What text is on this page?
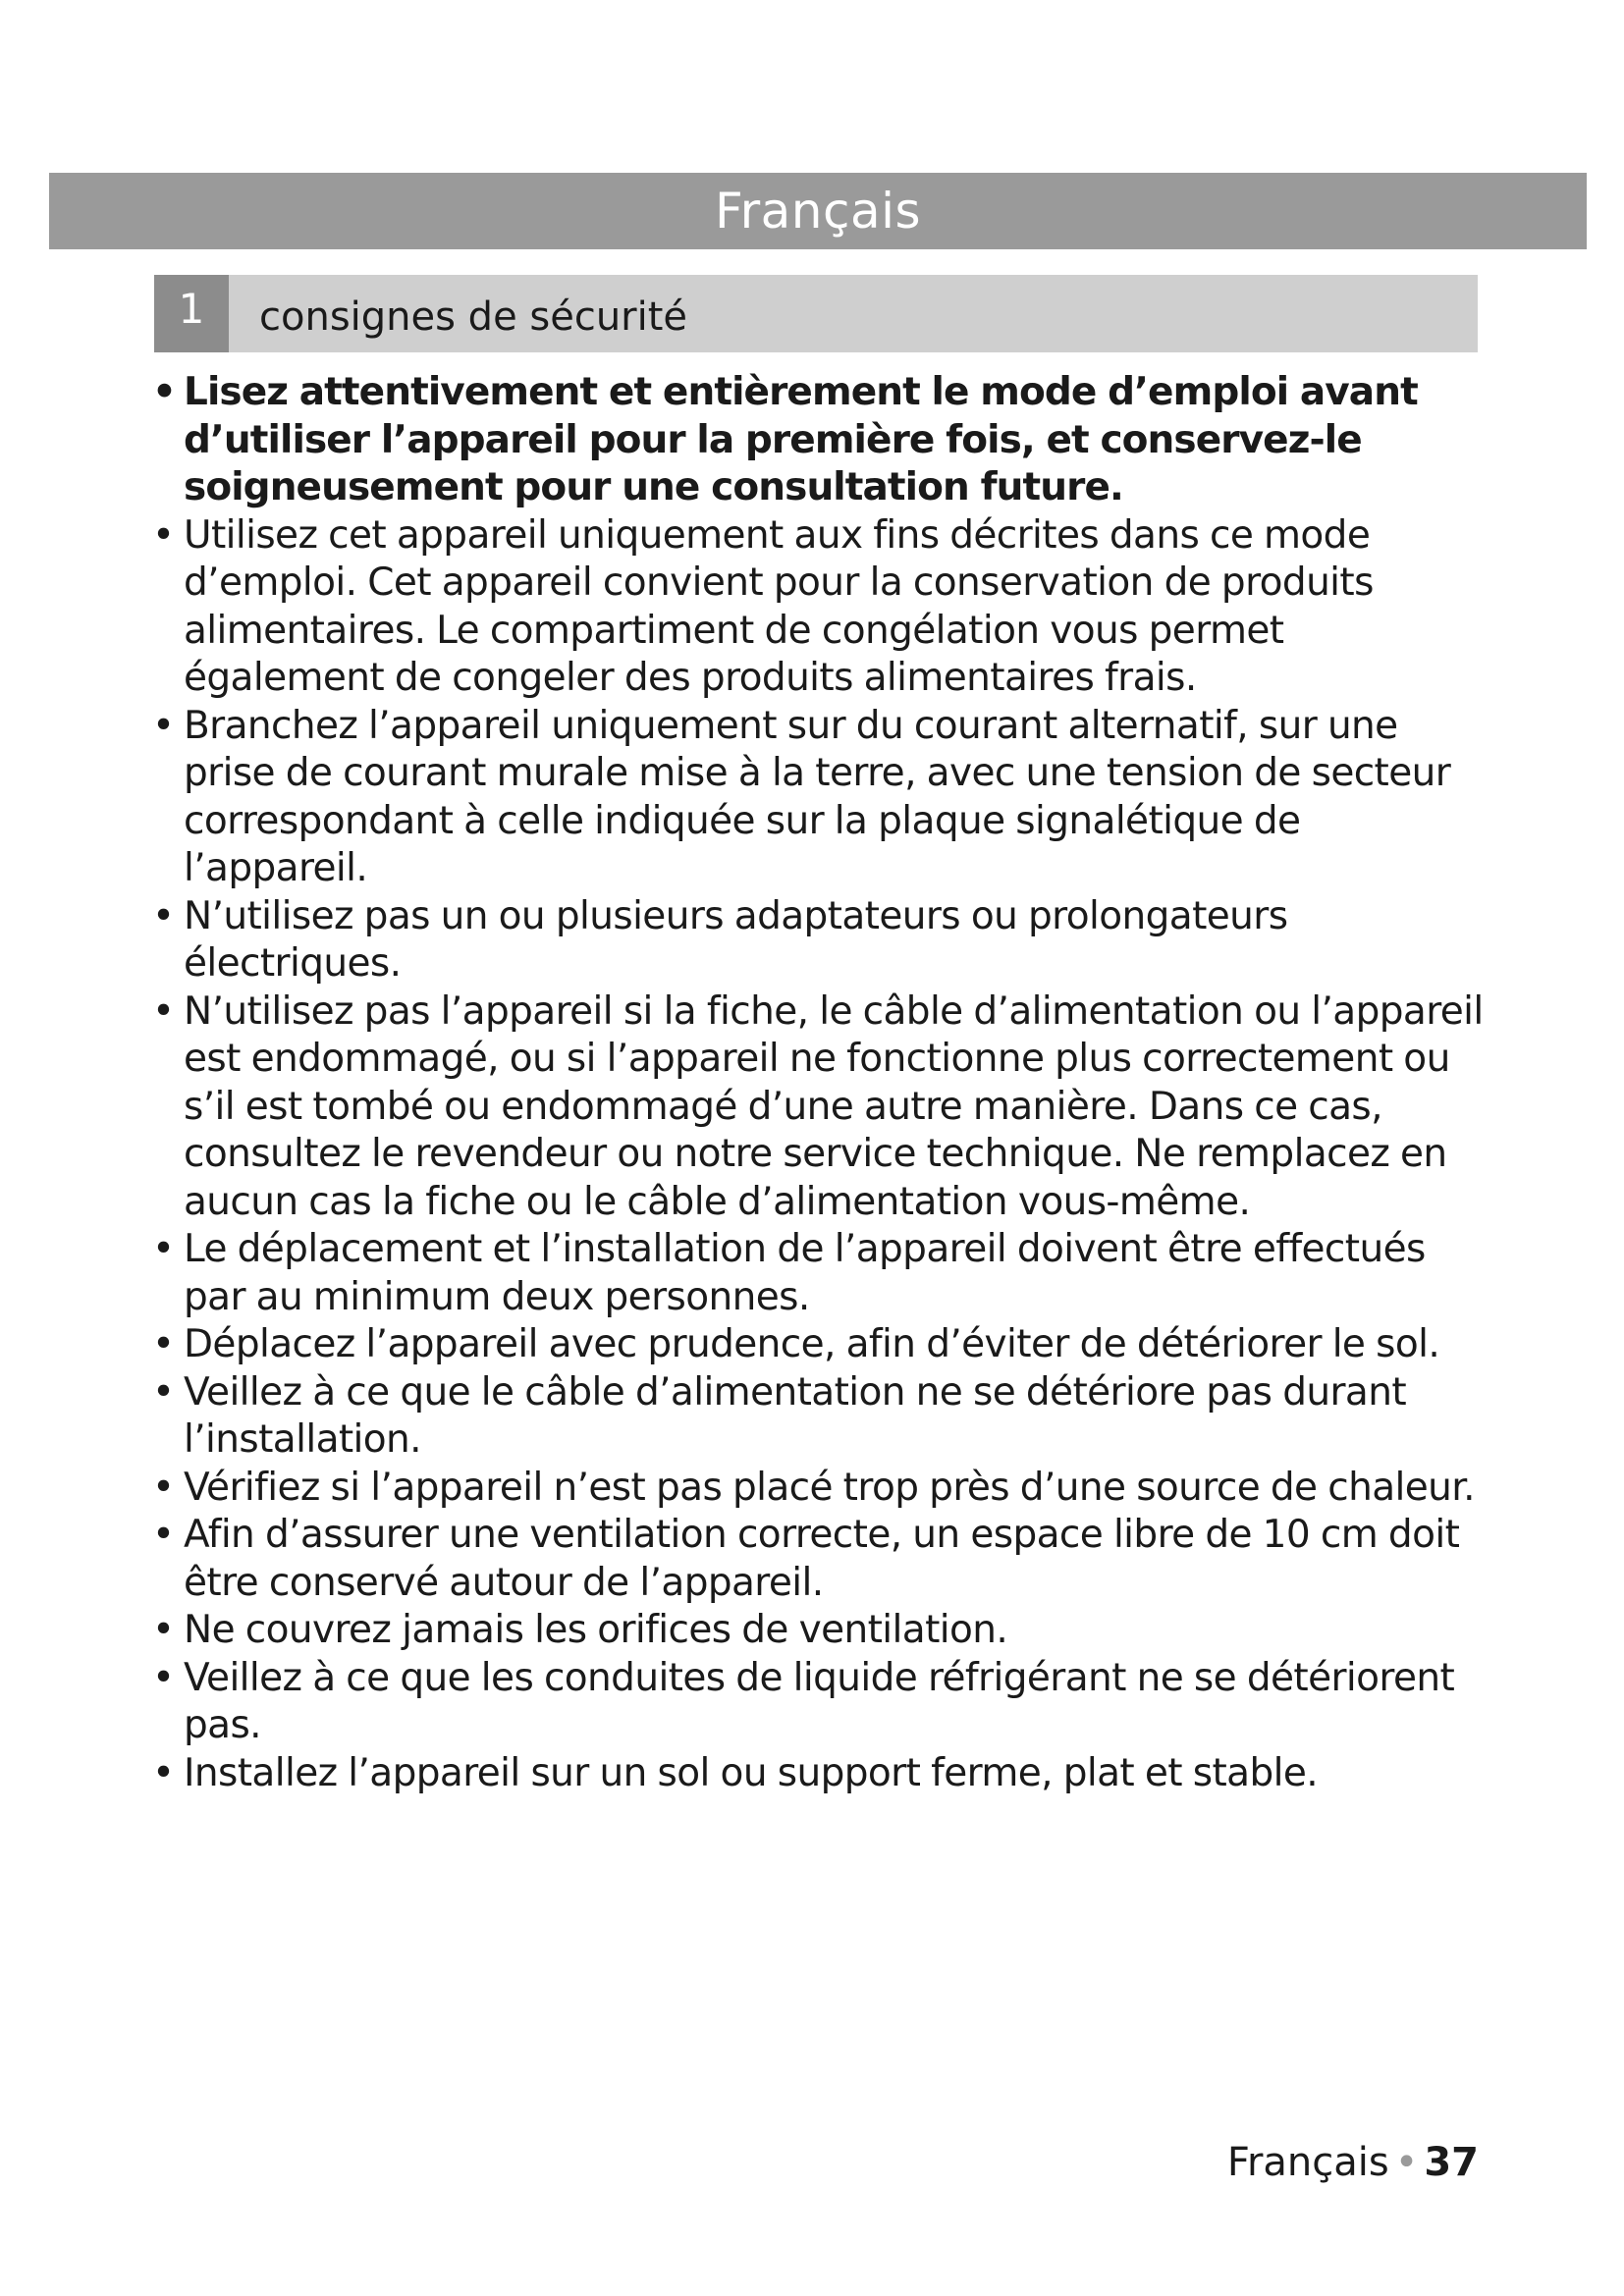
Français
1	consignes de sécurité
• Lisez attentivement et entièrement le mode d’emploi avant d’utiliser l’appareil pour la première fois, et conservez-le soigneusement pour une consultation future.
• Utilisez cet appareil uniquement aux fins décrites dans ce mode d’emploi. Cet appareil convient pour la conservation de produits alimentaires. Le compartiment de congélation vous permet également de congeler des produits alimentaires frais.
• Branchez l’appareil uniquement sur du courant alternatif, sur une prise de courant murale mise à la terre, avec une tension de secteur correspondant à celle indiquée sur la plaque signalétique de l’appareil.
• N’utilisez pas un ou plusieurs adaptateurs ou prolongateurs électriques.
• N’utilisez pas l’appareil si la fiche, le câble d’alimentation ou l’appareil est endommagé, ou si l’appareil ne fonctionne plus correctement ou s’il est tombé ou endommagé d’une autre manière. Dans ce cas, consultez le revendeur ou notre service technique. Ne remplacez en aucun cas la fiche ou le câble d’alimentation vous-même.
• Le déplacement et l’installation de l’appareil doivent être effectués par au minimum deux personnes.
• Déplacez l’appareil avec prudence, afin d’éviter de détériorer le sol.
• Veillez à ce que le câble d’alimentation ne se détériore pas durant l’installation.
• Vérifiez si l’appareil n’est pas placé trop près d’une source de chaleur.
• Afin d’assurer une ventilation correcte, un espace libre de 10 cm doit être conservé autour de l’appareil.
• Ne couvrez jamais les orifices de ventilation.
• Veillez à ce que les conduites de liquide réfrigérant ne se détériorent pas.
• Installez l’appareil sur un sol ou support ferme, plat et stable.
Français • 37
